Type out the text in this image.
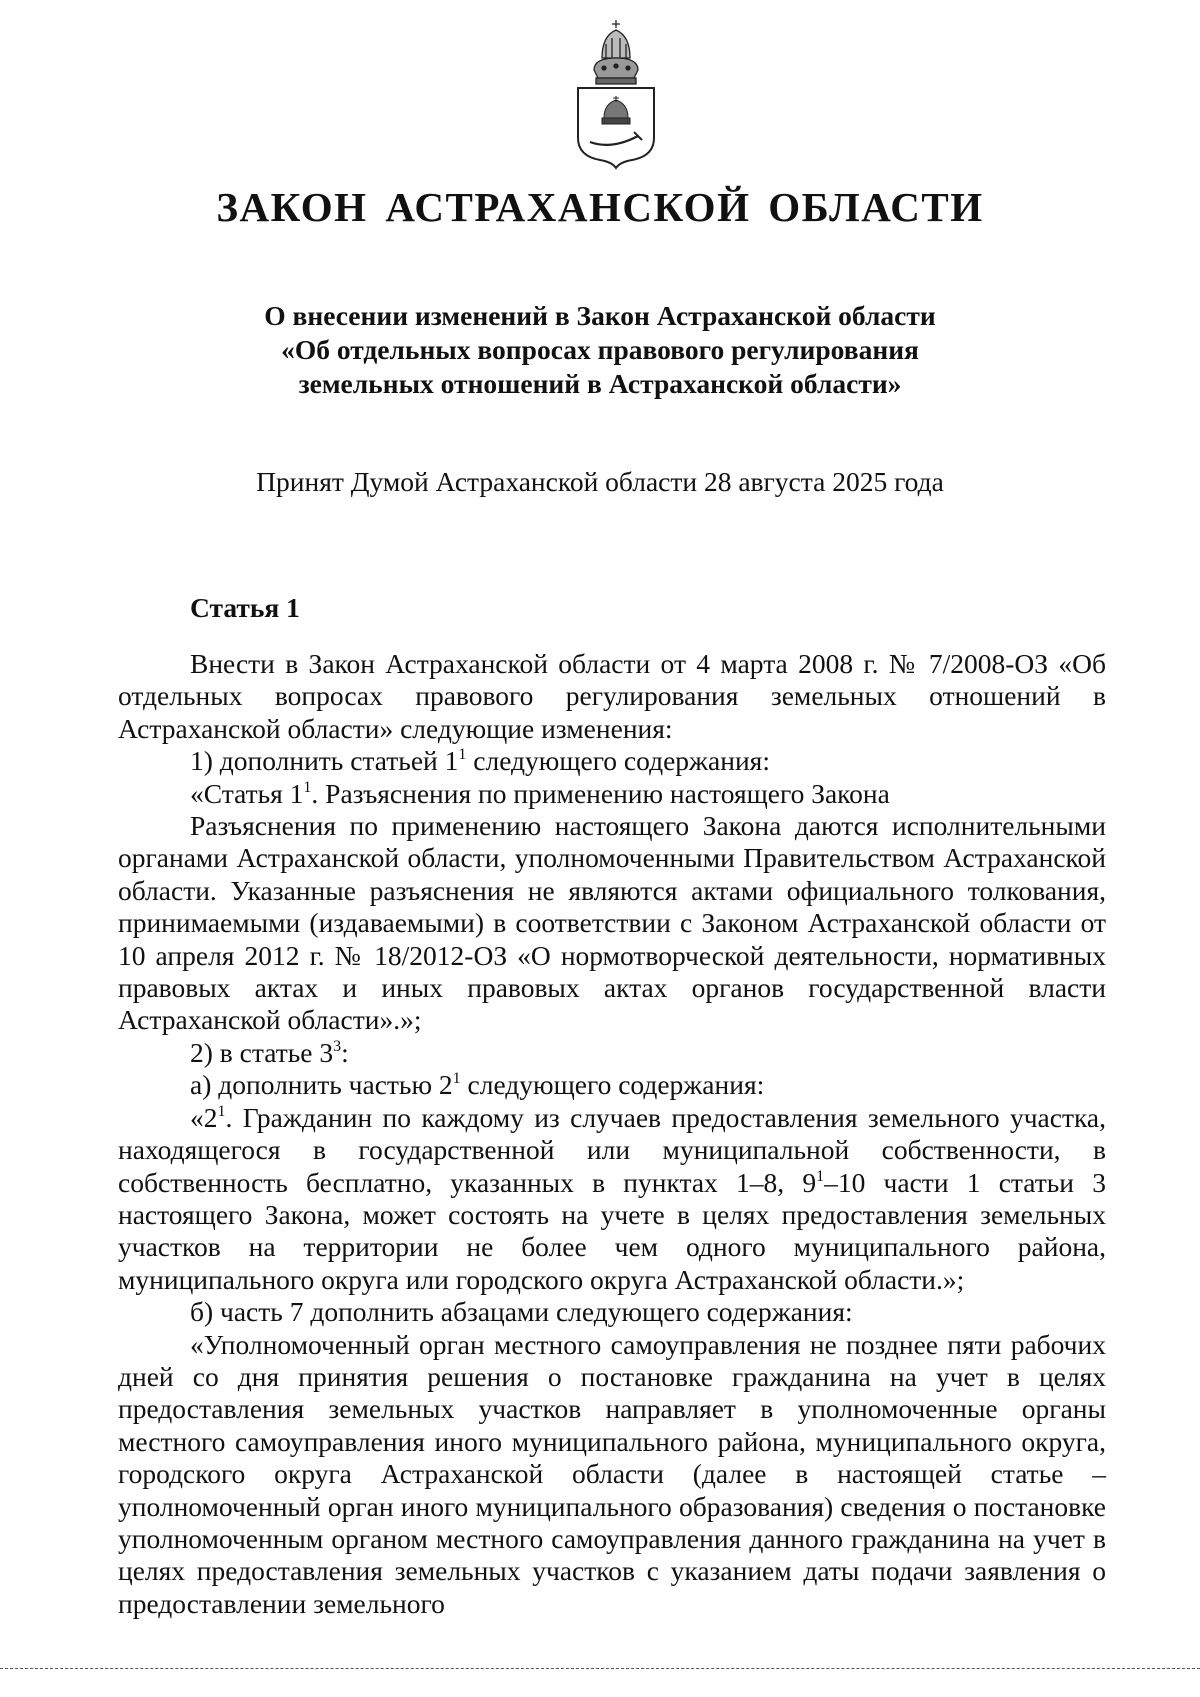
ЗАКОН АСТРАХАНСКОЙ ОБЛАСТИ
О внесении изменений в Закон Астраханской области
«Об отдельных вопросах правового регулирования
земельных отношений в Астраханской области»

Принят Думой Астраханской области 28 августа 2025 года

Статья 1

Внести в Закон Астраханской области от 4 марта 2008 г. № 7/2008-ОЗ «Об отдельных вопросах правового регулирования земельных отношений в Астраханской области» следующие изменения:

1) дополнить статьей $1^1$ следующего содержания:

«Статья $1^1$. Разъяснения по применению настоящего Закона

Разъяснения по применению настоящего Закона даются исполнительными органами Астраханской области, уполномоченными Правительством Астраханской области. Указанные разъяснения не являются актами официального толкования, принимаемыми (издаваемыми) в соответствии с Законом Астраханской области от 10 апреля 2012 г. № 18/2012-ОЗ «О нормотворческой деятельности, нормативных правовых актах и иных правовых актах органов государственной власти Астраханской области».»;

2) в статье $3^3$:

а) дополнить частью $2^1$ следующего содержания:

«$2^1$. Гражданин по каждому из случаев предоставления земельного участка, находящегося в государственной или муниципальной собственности, в собственность бесплатно, указанных в пунктах 1–8, $9^1-10$ части 1 статьи 3 настоящего Закона, может состоять на учете в целях предоставления земельных участков на территории не более чем одного муниципального района, муниципального округа или городского округа Астраханской области.»;

б) часть 7 дополнить абзацами следующего содержания:

«Уполномоченный орган местного самоуправления не позднее пяти рабочих дней со дня принятия решения о постановке гражданина на учет в целях предоставления земельных участков направляет в уполномоченные органы местного самоуправления иного муниципального района, муниципального округа, городского округа Астраханской области (далее в настоящей статье – уполномоченный орган иного муниципального образования) сведения о постановке уполномоченным органом местного самоуправления данного гражданина на учет в целях предоставления земельных участков с указанием даты подачи заявления о предоставлении земельного
